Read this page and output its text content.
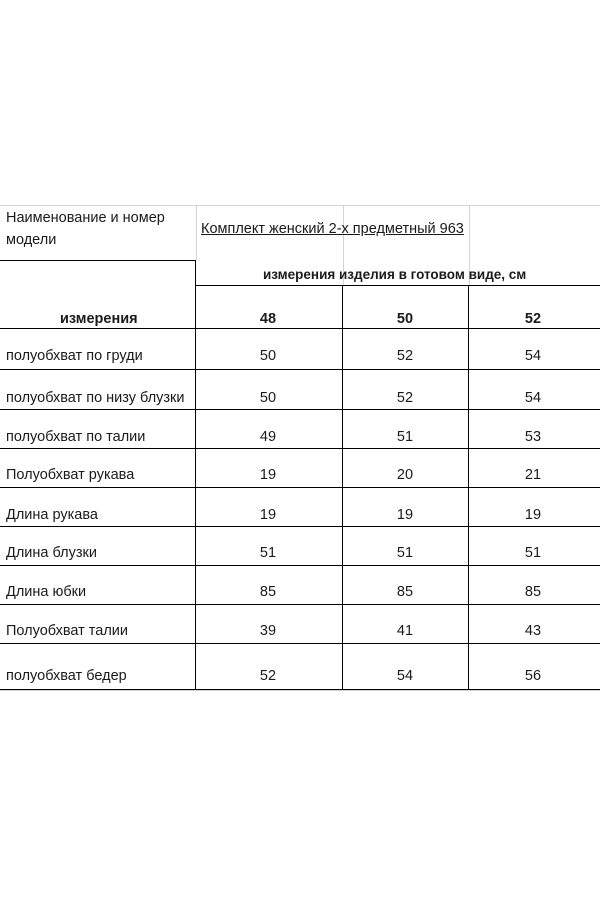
Наименование и номер
модели
Комплект женский 2-х предметный 963
измерения изделия в готовом виде, см
измерения	48	50	52
полуобхват по груди	50	52	54
полуобхват по низу блузки	50	52	54
полуобхват по талии	49	51	53
Полуобхват рукава	19	20	21
Длина рукава	19	19	19
Длина блузки	51	51	51
Длина юбки	85	85	85
Полуобхват талии	39	41	43
полуобхват бедер	52	54	56
